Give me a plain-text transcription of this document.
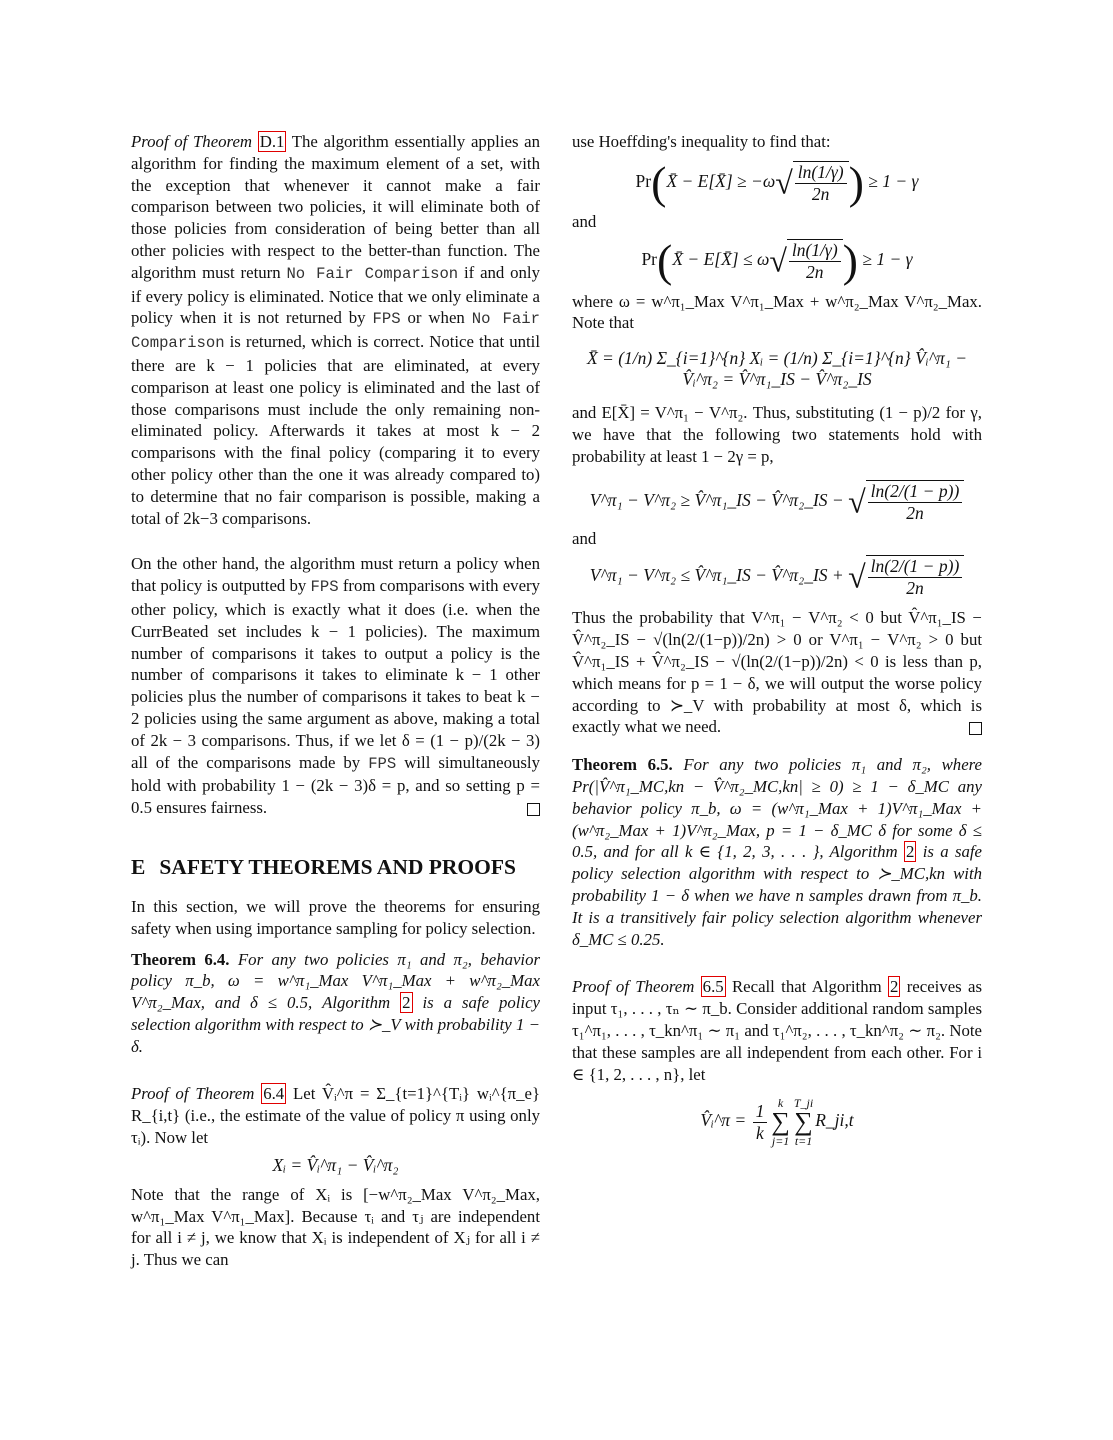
Proof of Theorem D.1 The algorithm essentially applies an algorithm for finding the maximum element of a set, with the exception that whenever it cannot make a fair comparison between two policies, it will eliminate both of those policies from consideration of being better than all other policies with respect to the better-than function. The algorithm must return No Fair Comparison if and only if every policy is eliminated. Notice that we only eliminate a policy when it is not returned by FPS or when No Fair Comparison is returned, which is correct. Notice that until there are k − 1 policies that are eliminated, at every comparison at least one policy is eliminated and the last of those comparisons must include the only remaining non-eliminated policy. Afterwards it takes at most k − 2 comparisons with the final policy (comparing it to every other policy other than the one it was already compared to) to determine that no fair comparison is possible, making a total of 2k−3 comparisons.

On the other hand, the algorithm must return a policy when that policy is outputted by FPS from comparisons with every other policy, which is exactly what it does (i.e. when the CurrBeated set includes k − 1 policies). The maximum number of comparisons it takes to output a policy is the number of comparisons it takes to eliminate k − 1 other policies plus the number of comparisons it takes to beat k − 2 policies using the same argument as above, making a total of 2k − 3 comparisons. Thus, if we let δ = (1 − p)/(2k − 3) all of the comparisons made by FPS will simultaneously hold with probability 1 − (2k − 3)δ = p, and so setting p = 0.5 ensures fairness.

E SAFETY THEOREMS AND PROOFS

In this section, we will prove the theorems for ensuring safety when using importance sampling for policy selection.

Theorem 6.4. For any two policies π₁ and π₂, behavior policy π_b, ω = w^π₁_Max V^π₁_Max + w^π₂_Max V^π₂_Max, and δ ≤ 0.5, Algorithm 2 is a safe policy selection algorithm with respect to ≻_V with probability 1 − δ.

Proof of Theorem 6.4 Let V̂ᵢ^π = Σ_{t=1}^{Tᵢ} wᵢ^{π_e} R_{i,t} (i.e., the estimate of the value of policy π using only τᵢ). Now let

Xᵢ = V̂ᵢ^π₁ − V̂ᵢ^π₂

Note that the range of Xᵢ is [−w^π₂_Max V^π₂_Max, w^π₁_Max V^π₁_Max]. Because τᵢ and τⱼ are independent for all i ≠ j, we know that Xᵢ is independent of Xⱼ for all i ≠ j. Thus we can

use Hoeffding's inequality to find that:

Pr(X̄ − E[X̄] ≥ $-\omega√ \frac{\ln(1/\gamma)}{2n}$ ) ≥ 1 − γ

and

Pr(X̄ − E[X̄] ≤ $\omega√ \frac{\ln(1/\gamma)}{2n}$ ) ≥ 1 − γ

where ω = w^π₁_Max V^π₁_Max + w^π₂_Max V^π₂_Max. Note that

X̄ = (1/n) Σ_{i=1}^{n} Xᵢ = (1/n) Σ_{i=1}^{n} V̂ᵢ^π₁ − V̂ᵢ^π₂ = V̂^π₁_IS − V̂^π₂_IS

and E[X̄] = V^π₁ − V^π₂. Thus, substituting (1 − p)/2 for γ, we have that the following two statements hold with probability at least 1 − 2γ = p,

V^π₁ − V^π₂ ≥ V̂^π₁_IS − V̂^π₂_IS − √ $\frac{\ln(2/(1 - p))}{2n}$

and

V^π₁ − V^π₂ ≤ V̂^π₁_IS − V̂^π₂_IS + √ $\frac{\ln(2/(1 - p))}{2n}$

Thus the probability that V^π₁ − V^π₂ < 0 but V̂^π₁_IS − V̂^π₂_IS − √(ln(2/(1−p))/2n) > 0 or V^π₁ − V^π₂ > 0 but V̂^π₁_IS + V̂^π₂_IS − √(ln(2/(1−p))/2n) < 0 is less than p, which means for p = 1 − δ, we will output the worse policy according to ≻_V with probability at most δ, which is exactly what we need.

Theorem 6.5. For any two policies π₁ and π₂, where Pr(|V̂^π₁_MC,kn − V̂^π₂_MC,kn| ≥ 0) ≥ 1 − δ_MC any behavior policy π_b, ω = (w^π₁_Max + 1)V^π₁_Max + (w^π₂_Max + 1)V^π₂_Max, p = 1 − δ_MC δ for some δ ≤ 0.5, and for all k ∈ {1, 2, 3, . . . }, Algorithm 2 is a safe policy selection algorithm with respect to ≻_MC,kn with probability 1 − δ when we have n samples drawn from π_b. It is a transitively fair policy selection algorithm whenever δ_MC ≤ 0.25.

Proof of Theorem 6.5 Recall that Algorithm 2 receives as input τ₁, . . . , τₙ ∼ π_b. Consider additional random samples τ₁^π₁, . . . , τ_kn^π₁ ∼ π₁ and τ₁^π₂, . . . , τ_kn^π₂ ∼ π₂. Note that these samples are all independent from each other. For i ∈ {1, 2, . . . , n}, let

V̂ᵢ^π = $\frac{1}{k}$ k
∑
j=1T_ji
∑
t=1R_ji,t
